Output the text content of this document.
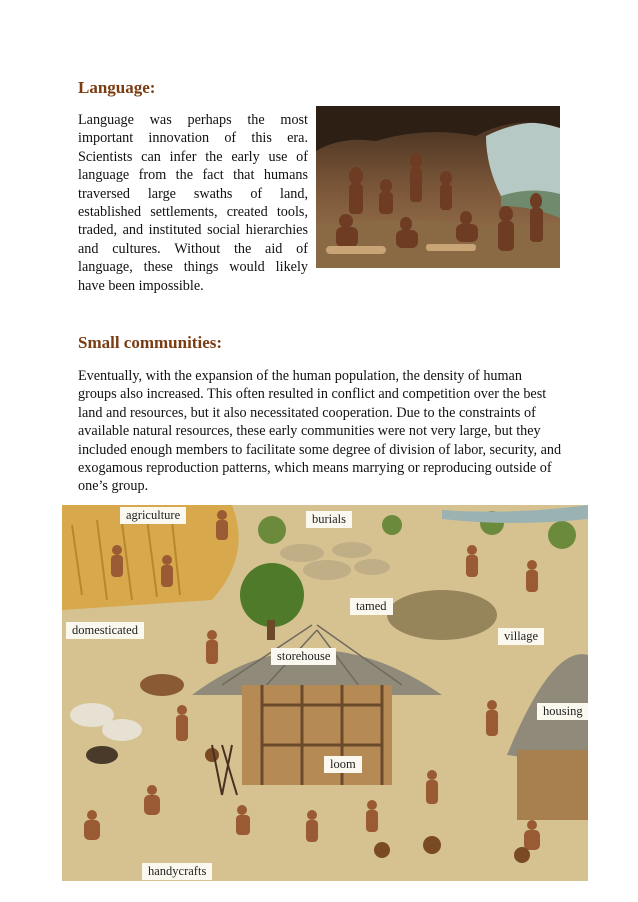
Language:

Language was perhaps the most important innovation of this era. Scientists can infer the early use of language from the fact that humans traversed large swaths of land, established settlements, created tools, traded, and instituted social hierarchies and cultures. Without the aid of language, these things would likely have been impossible.

Small communities:

Eventually, with the expansion of the human population, the density of human groups also increased. This often resulted in conflict and competition over the best land and resources, but it also necessitated cooperation. Due to the constraints of available natural resources, these early communities were not very large, but they included enough members to facilitate some degree of division of labor, security, and exogamous reproduction patterns, which means marrying or reproducing outside of one’s group.

agriculture	burials
tamed
domesticated	village
storehouse
housing
loom
handycrafts
